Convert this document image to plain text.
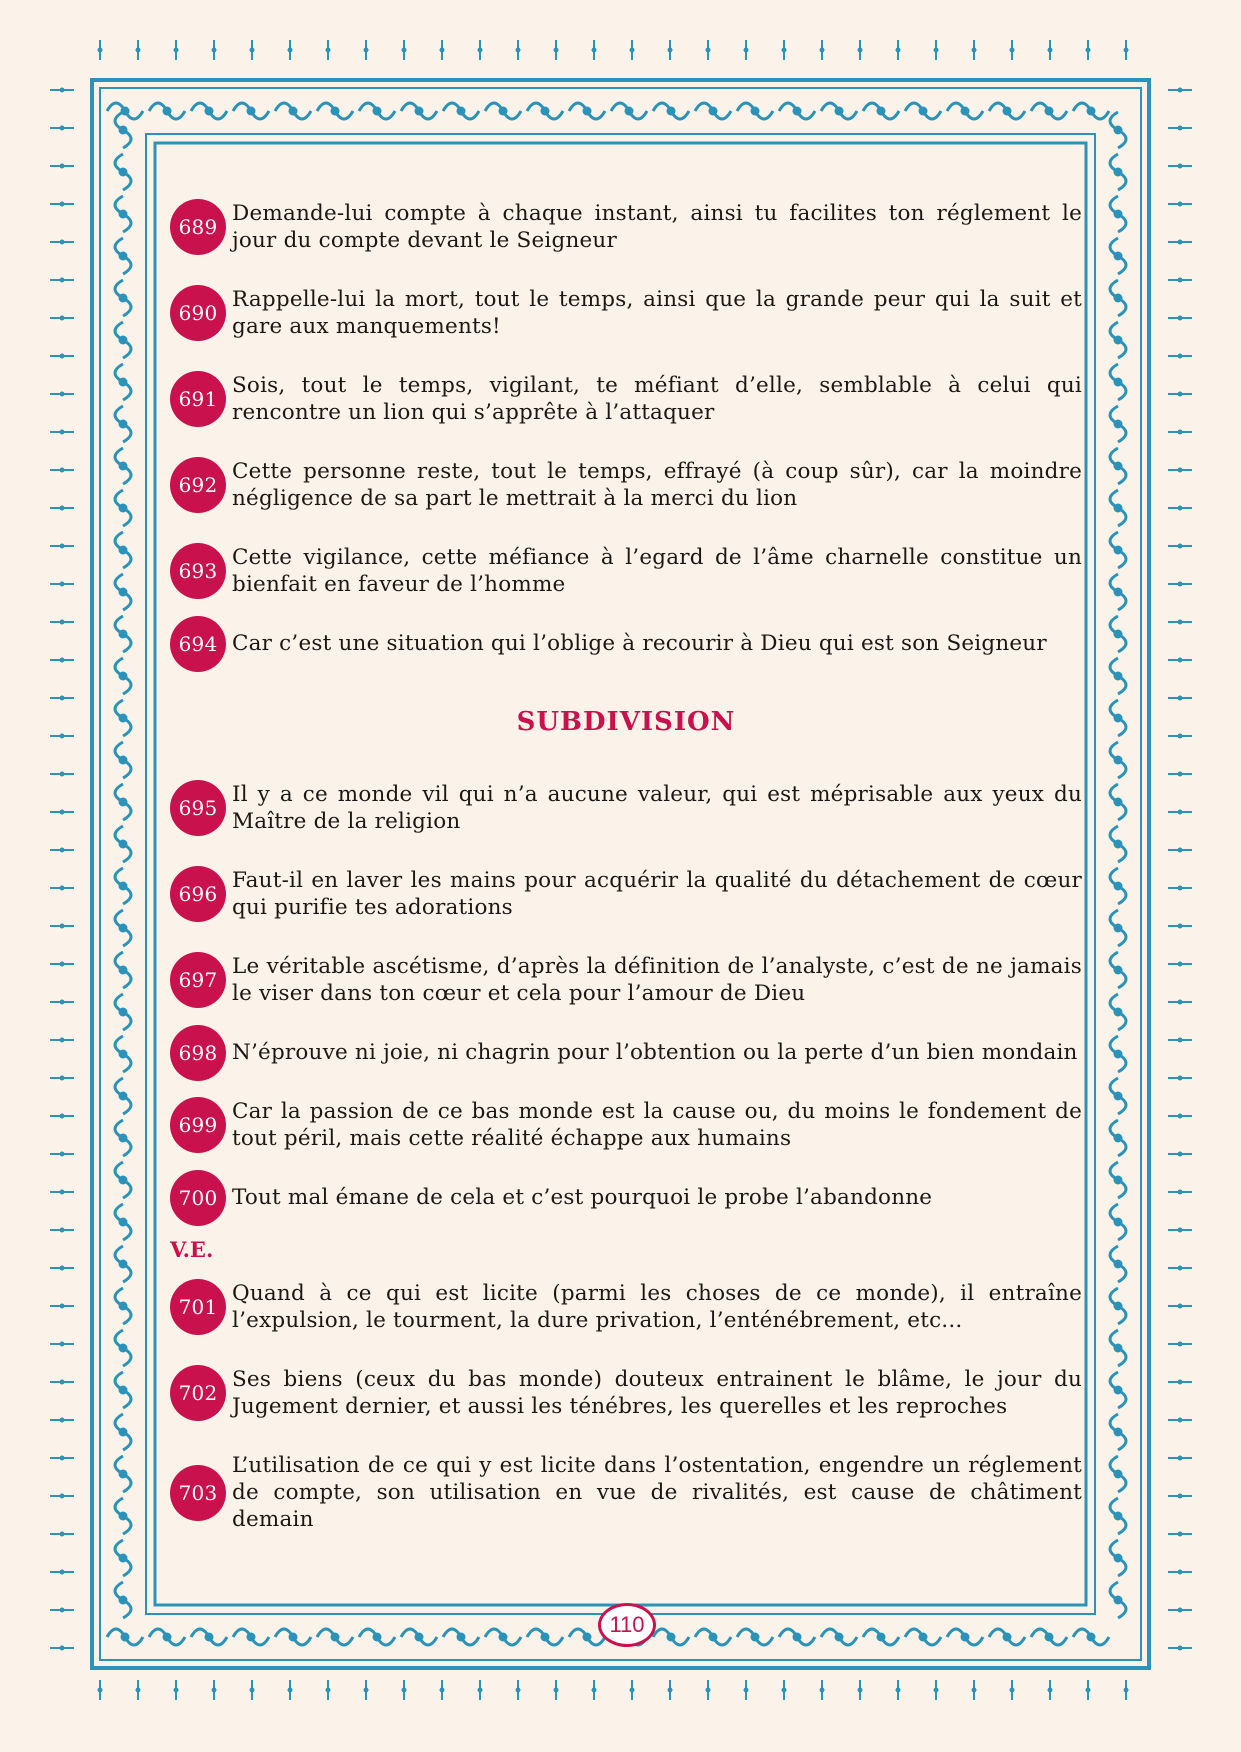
689
Demande-lui compte à chaque instant, ainsi tu facilites ton réglement le jour du compte devant le Seigneur
690
Rappelle-lui la mort, tout le temps, ainsi que la grande peur qui la suit et gare aux manquements!
691
Sois, tout le temps, vigilant, te méfiant d’elle, semblable à celui qui rencontre un lion qui s’apprête à l’attaquer
692
Cette personne reste, tout le temps, effrayé (à coup sûr), car la moindre négligence de sa part le mettrait à la merci du lion
693
Cette vigilance, cette méfiance à l’egard de l’âme charnelle constitue un bienfait en faveur de l’homme
694 Car c’est une situation qui l’oblige à recourir à Dieu qui est son Seigneur
SUBDIVISION
695
Il y a ce monde vil qui n’a aucune valeur, qui est méprisable aux yeux du Maître de la religion
696
Faut-il en laver les mains pour acquérir la qualité du détachement de cœur qui purifie tes adorations
697
Le véritable ascétisme, d’après la définition de l’analyste, c’est de ne jamais le viser dans ton cœur et cela pour l’amour de Dieu
698 N’éprouve ni joie, ni chagrin pour l’obtention ou la perte d’un bien mondain
699
Car la passion de ce bas monde est la cause ou, du moins le fondement de tout péril, mais cette réalité échappe aux humains
700 Tout mal émane de cela et c’est pourquoi le probe l’abandonne
V.E.
701
Quand à ce qui est licite (parmi les choses de ce monde), il entraîne l’expulsion, le tourment, la dure privation, l’enténébrement, etc...
702
Ses biens (ceux du bas monde) douteux entrainent le blâme, le jour du Jugement dernier, et aussi les ténébres, les querelles et les reproches
703
L’utilisation de ce qui y est licite dans l’ostentation, engendre un réglement de compte, son utilisation en vue de rivalités, est cause de châtiment demain
110
